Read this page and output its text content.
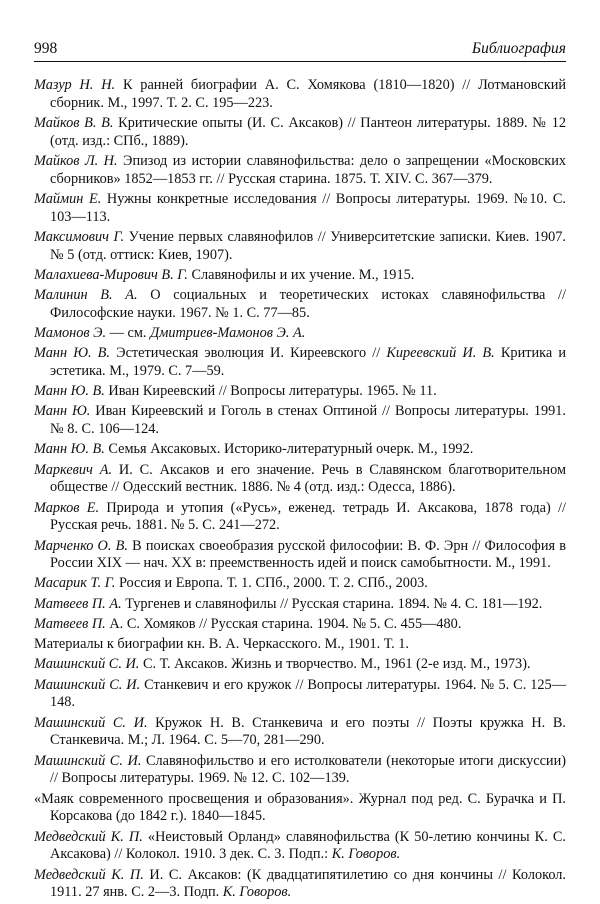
998	Библиография

Мазур Н. Н. К ранней биографии А. С. Хомякова (1810—1820) // Лотмановский сборник. М., 1997. Т. 2. С. 195—223.

Майков В. В. Критические опыты (И. С. Аксаков) // Пантеон литературы. 1889. № 12 (отд. изд.: СПб., 1889).

Майков Л. Н. Эпизод из истории славянофильства: дело о запрещении «Московских сборников» 1852—1853 гг. // Русская старина. 1875. Т. XIV. С. 367—379.

Маймин Е. Нужны конкретные исследования // Вопросы литературы. 1969. №10. С. 103—113.

Максимович Г. Учение первых славянофилов // Университетские записки. Киев. 1907. № 5 (отд. оттиск: Киев, 1907).

Малахиева-Мирович В. Г. Славянофилы и их учение. М., 1915.

Малинин В. А. О социальных и теоретических истоках славянофильства // Философские науки. 1967. № 1. С. 77—85.

Мамонов Э. — см. Дмитриев-Мамонов Э. А.

Манн Ю. В. Эстетическая эволюция И. Киреевского // Киреевский И. В. Критика и эстетика. М., 1979. С. 7—59.

Манн Ю. В. Иван Киреевский // Вопросы литературы. 1965. № 11.

Манн Ю. Иван Киреевский и Гоголь в стенах Оптиной // Вопросы литературы. 1991. № 8. С. 106—124.

Манн Ю. В. Семья Аксаковых. Историко-литературный очерк. М., 1992.

Маркевич А. И. С. Аксаков и его значение. Речь в Славянском благотворительном обществе // Одесский вестник. 1886. № 4 (отд. изд.: Одесса, 1886).

Марков Е. Природа и утопия («Русь», еженед. тетрадь И. Аксакова, 1878 года) // Русская речь. 1881. № 5. С. 241—272.

Марченко О. В. В поисках своеобразия русской философии: В. Ф. Эрн // Философия в России XIX — нач. XX в: преемственность идей и поиск самобытности. М., 1991.

Масарик Т. Г. Россия и Европа. Т. 1. СПб., 2000. Т. 2. СПб., 2003.

Матвеев П. А. Тургенев и славянофилы // Русская старина. 1894. № 4. С. 181—192.

Матвеев П. А. С. Хомяков // Русская старина. 1904. № 5. С. 455—480.

Материалы к биографии кн. В. А. Черкасского. М., 1901. Т. 1.

Машинский С. И. С. Т. Аксаков. Жизнь и творчество. М., 1961 (2-е изд. М., 1973).

Машинский С. И. Станкевич и его кружок // Вопросы литературы. 1964. № 5. С. 125—148.

Машинский С. И. Кружок Н. В. Станкевича и его поэты // Поэты кружка Н. В. Станкевича. М.; Л. 1964. С. 5—70, 281—290.

Машинский С. И. Славянофильство и его истолкователи (некоторые итоги дискуссии) // Вопросы литературы. 1969. № 12. С. 102—139.

«Маяк современного просвещения и образования». Журнал под ред. С. Бурачка и П. Корсакова (до 1842 г.). 1840—1845.

Медведский К. П. «Неистовый Орланд» славянофильства (К 50-летию кончины К. С. Аксакова) // Колокол. 1910. 3 дек. С. 3. Подп.: К. Говоров.

Медведский К. П. И. С. Аксаков: (К двадцатипятилетию со дня кончины // Колокол. 1911. 27 янв. С. 2—3. Подп. К. Говоров.
